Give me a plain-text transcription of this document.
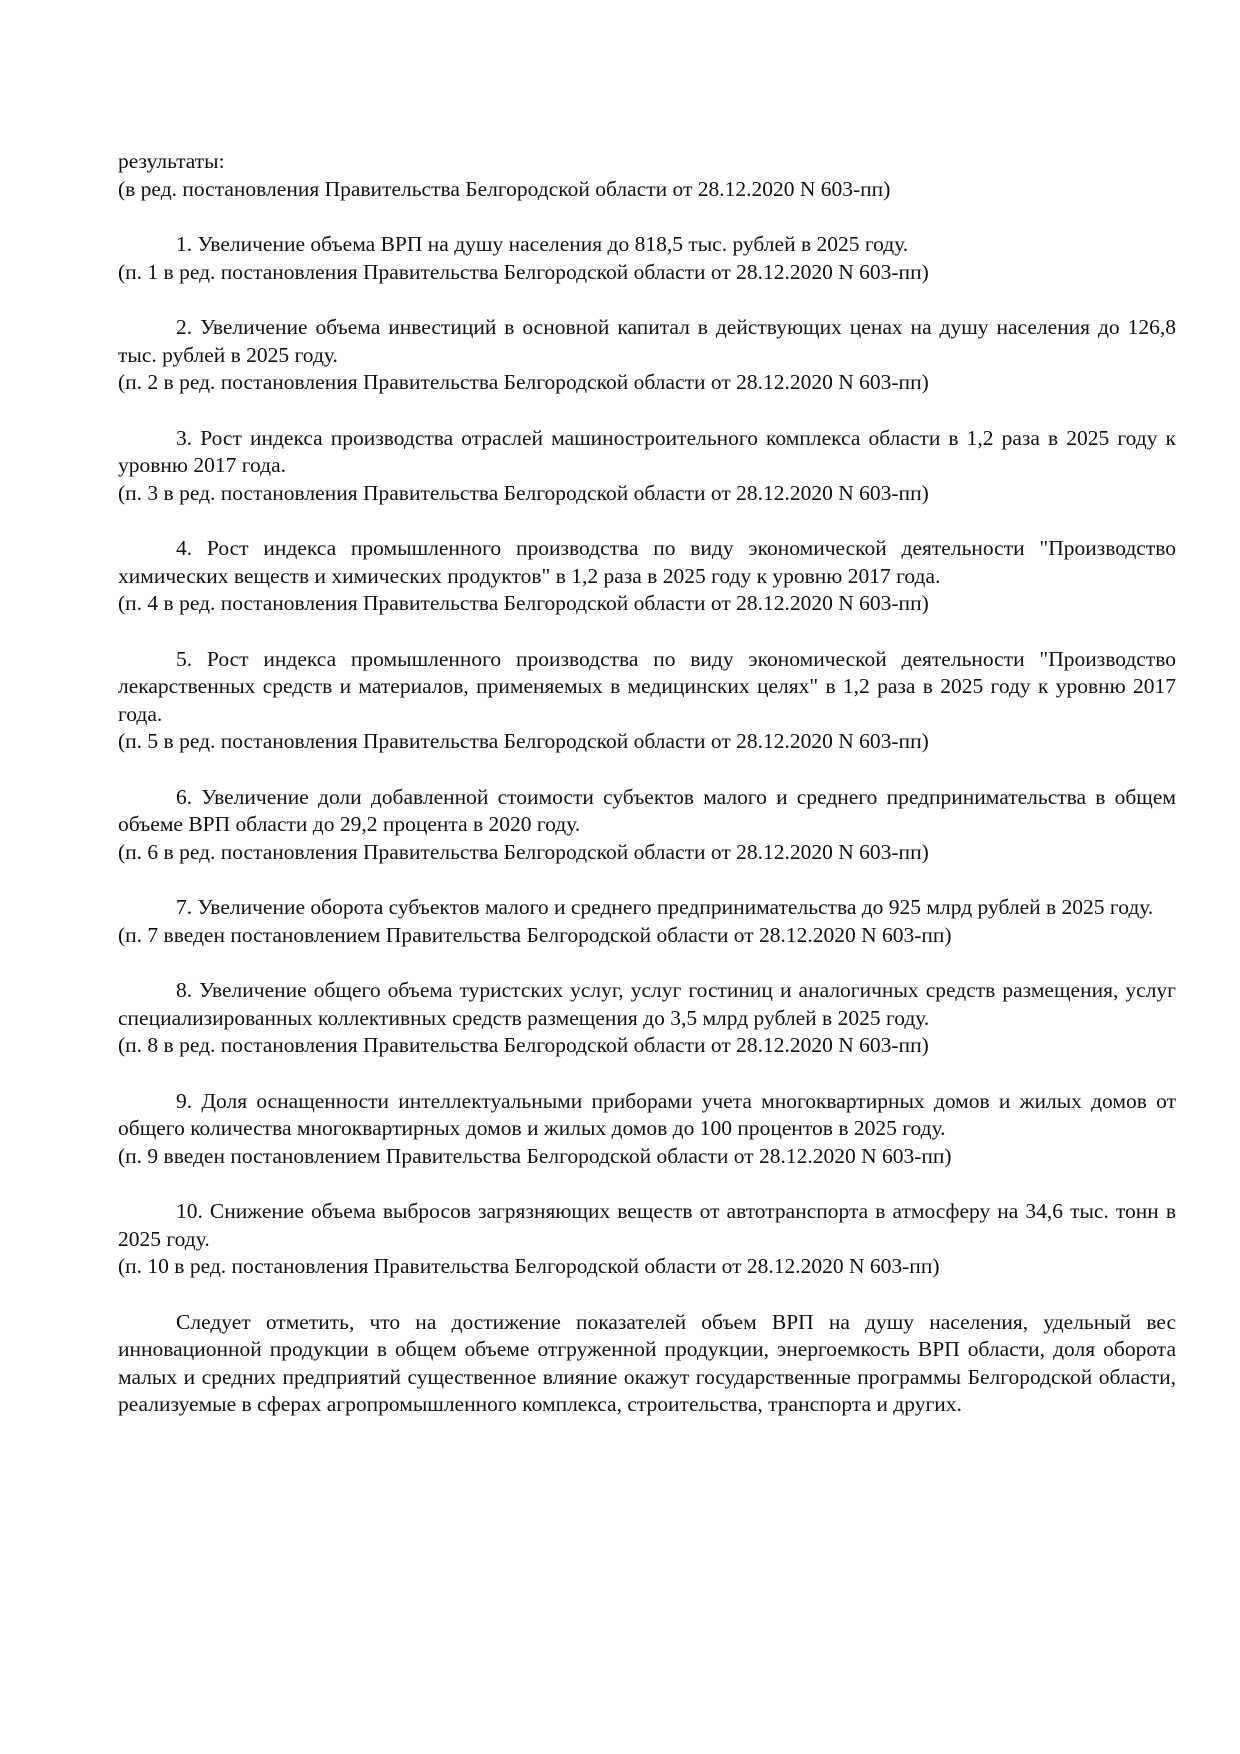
результаты:

(в ред. постановления Правительства Белгородской области от 28.12.2020 N 603-пп)

1. Увеличение объема ВРП на душу населения до 818,5 тыс. рублей в 2025 году.

(п. 1 в ред. постановления Правительства Белгородской области от 28.12.2020 N 603-пп)

2. Увеличение объема инвестиций в основной капитал в действующих ценах на душу населения до 126,8 тыс. рублей в 2025 году.

(п. 2 в ред. постановления Правительства Белгородской области от 28.12.2020 N 603-пп)

3. Рост индекса производства отраслей машиностроительного комплекса области в 1,2 раза в 2025 году к уровню 2017 года.

(п. 3 в ред. постановления Правительства Белгородской области от 28.12.2020 N 603-пп)

4. Рост индекса промышленного производства по виду экономической деятельности "Производство химических веществ и химических продуктов" в 1,2 раза в 2025 году к уровню 2017 года.

(п. 4 в ред. постановления Правительства Белгородской области от 28.12.2020 N 603-пп)

5. Рост индекса промышленного производства по виду экономической деятельности "Производство лекарственных средств и материалов, применяемых в медицинских целях" в 1,2 раза в 2025 году к уровню 2017 года.

(п. 5 в ред. постановления Правительства Белгородской области от 28.12.2020 N 603-пп)

6. Увеличение доли добавленной стоимости субъектов малого и среднего предпринимательства в общем объеме ВРП области до 29,2 процента в 2020 году.

(п. 6 в ред. постановления Правительства Белгородской области от 28.12.2020 N 603-пп)

7. Увеличение оборота субъектов малого и среднего предпринимательства до 925 млрд рублей в 2025 году.

(п. 7 введен постановлением Правительства Белгородской области от 28.12.2020 N 603-пп)

8. Увеличение общего объема туристских услуг, услуг гостиниц и аналогичных средств размещения, услуг специализированных коллективных средств размещения до 3,5 млрд рублей в 2025 году.

(п. 8 в ред. постановления Правительства Белгородской области от 28.12.2020 N 603-пп)

9. Доля оснащенности интеллектуальными приборами учета многоквартирных домов и жилых домов от общего количества многоквартирных домов и жилых домов до 100 процентов в 2025 году.

(п. 9 введен постановлением Правительства Белгородской области от 28.12.2020 N 603-пп)

10. Снижение объема выбросов загрязняющих веществ от автотранспорта в атмосферу на 34,6 тыс. тонн в 2025 году.

(п. 10 в ред. постановления Правительства Белгородской области от 28.12.2020 N 603-пп)

Следует отметить, что на достижение показателей объем ВРП на душу населения, удельный вес инновационной продукции в общем объеме отгруженной продукции, энергоемкость ВРП области, доля оборота малых и средних предприятий существенное влияние окажут государственные программы Белгородской области, реализуемые в сферах агропромышленного комплекса, строительства, транспорта и других.
